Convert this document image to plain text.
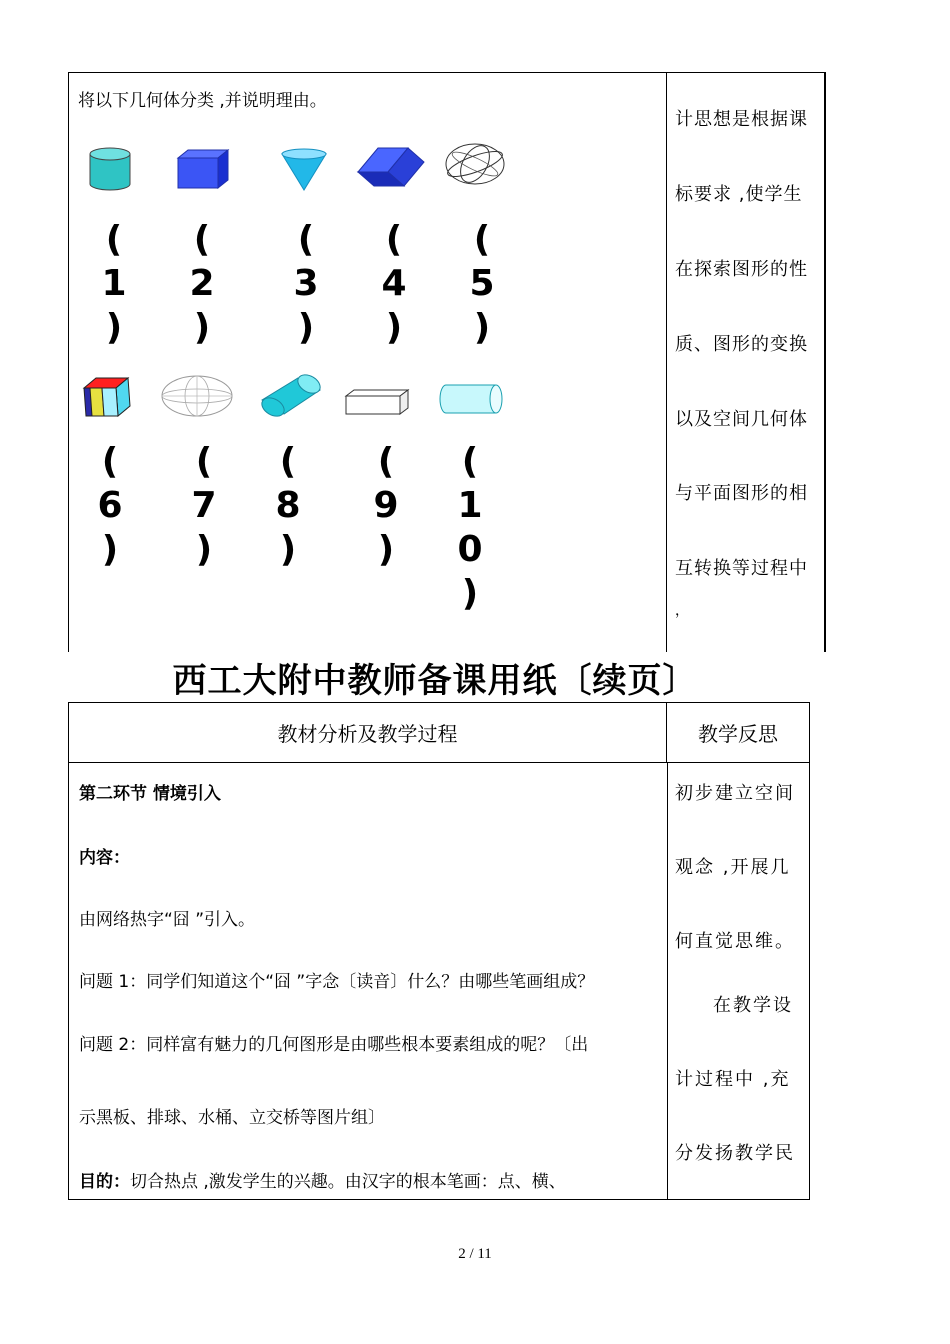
将以下几何体分类 ,并说明理由。
(
1
)
(
2
)
(
3
)
(
4
)
(
5
)
(
6
)
(
7
)
(
8
)
(
9
)
(
1
0
)
计思想是根据课
标要求 ,使学生
在探索图形的性
质、图形的变换
以及空间几何体
与平面图形的相
互转换等过程中
，
西工大附中教师备课用纸〔续页〕
教材分析及教学过程	教学反思
第二环节 情境引入
内容：
由网络热字“囧 ”引入。
问题 1：同学们知道这个“囧 ”字念〔读音〕什么？由哪些笔画组成？
问题 2：同样富有魅力的几何图形是由哪些根本要素组成的呢？〔出
示黑板、排球、水桶、立交桥等图片组〕
目的：切合热点 ,激发学生的兴趣。由汉字的根本笔画：点、横、
初步建立空间
观念 ,开展几
何直觉思维。
在教学设
计过程中 ,充
分发扬教学民
2 / 11
